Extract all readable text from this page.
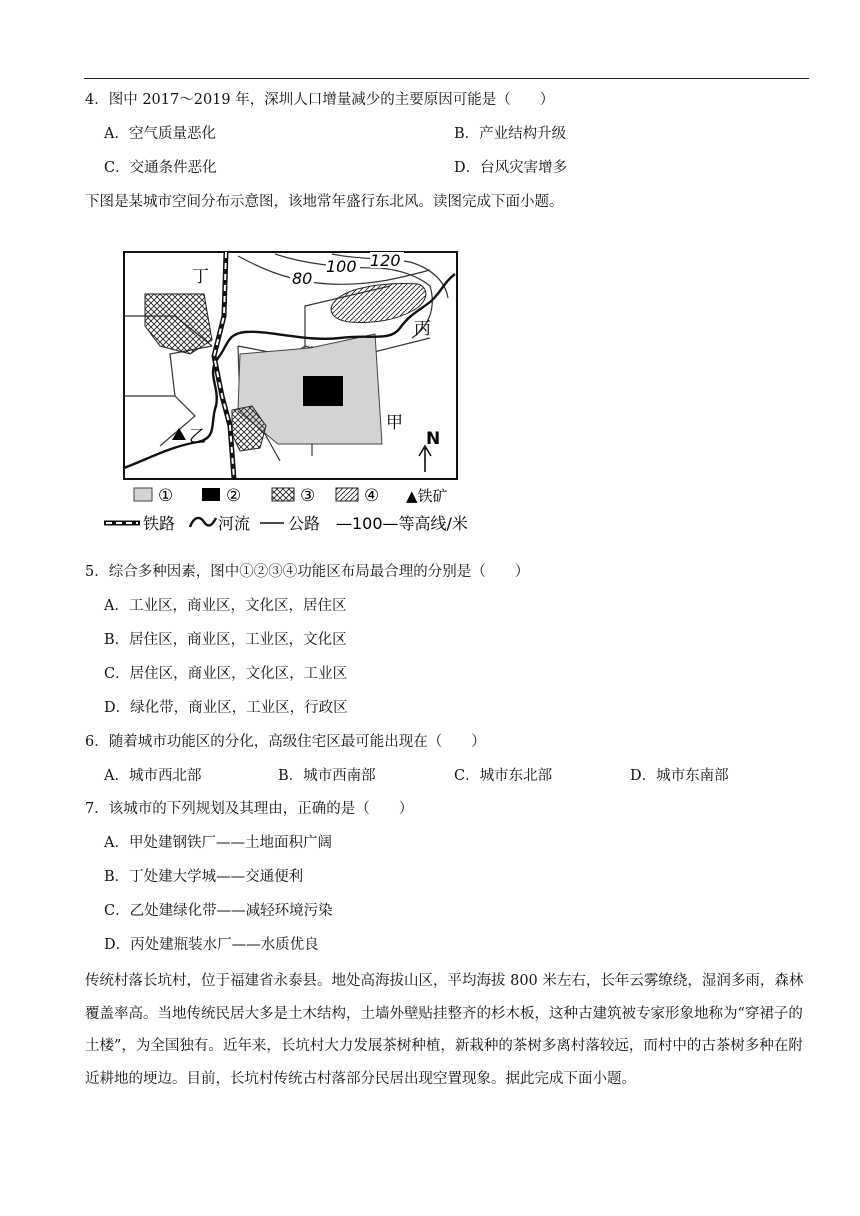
4．图中 2017～2019 年，深圳人口增量减少的主要原因可能是（　　）
A．空气质量恶化	B．产业结构升级
C．交通条件恶化	D．台风灾害增多
下图是某城市空间分布示意图，该地常年盛行东北风。读图完成下面小题。
80
100 120
丁
丙
甲
乙	N
①	②	③	④ ▲铁矿
铁路	河流 公路 —100—等高线/米
5．综合多种因素，图中①②③④功能区布局最合理的分别是（　　）
A．工业区，商业区，文化区，居住区
B．居住区，商业区，工业区，文化区
C．居住区，商业区，文化区，工业区
D．绿化带，商业区，工业区，行政区
6．随着城市功能区的分化，高级住宅区最可能出现在（　　）
A．城市西北部	B．城市西南部	C．城市东北部	D．城市东南部
7．该城市的下列规划及其理由，正确的是（　　）
A．甲处建钢铁厂——土地面积广阔
B．丁处建大学城——交通便利
C．乙处建绿化带——减轻环境污染
D．丙处建瓶装水厂——水质优良
传统村落长坑村，位于福建省永泰县。地处高海拔山区，平均海拔 800 米左右，长年云雾缭绕，湿润多雨，森林覆盖率高。当地传统民居大多是土木结构，土墙外壁贴挂整齐的杉木板，这种古建筑被专家形象地称为“穿裙子的土楼”，为全国独有。近年来，长坑村大力发展茶树种植，新栽种的茶树多离村落较远，而村中的古茶树多种在附近耕地的埂边。目前，长坑村传统古村落部分民居出现空置现象。据此完成下面小题。
